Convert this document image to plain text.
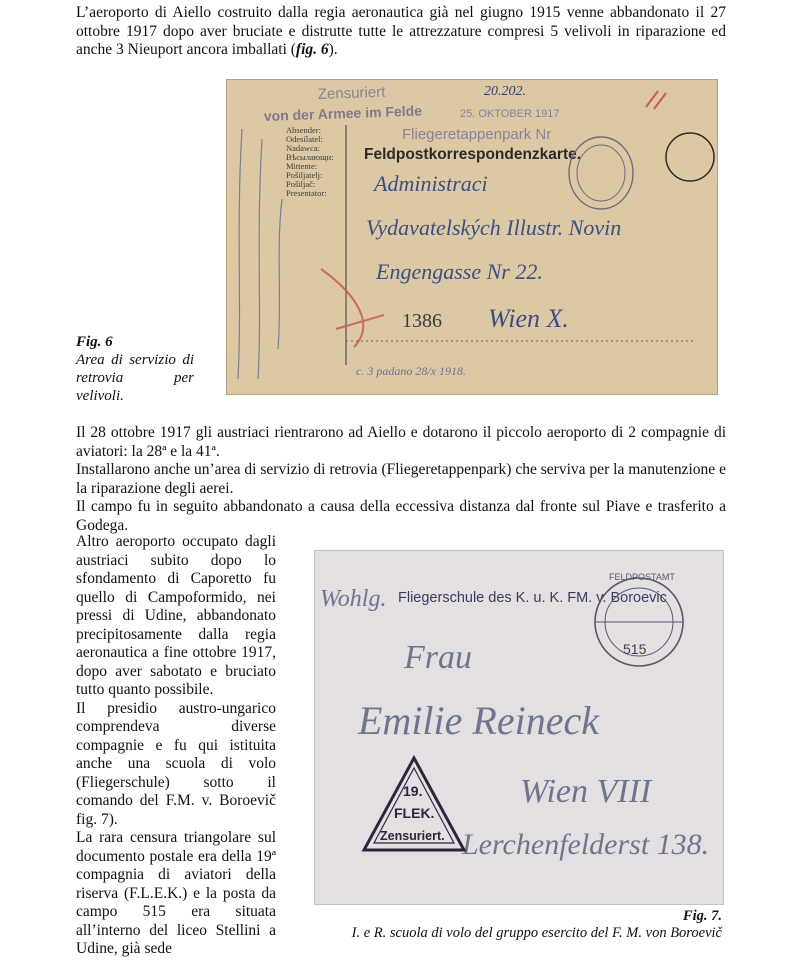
L’aeroporto di Aiello costruito dalla regia aeronautica già nel giugno 1915 venne abbandonato il 27 ottobre 1917 dopo aver bruciate e distrutte tutte le attrezzature compresi 5 velivoli in riparazione ed anche 3 Nieuport ancora imballati (fig. 6).
Fig. 6
Area di servizio di retrovia per velivoli.
Zensuriert
von der Armee im Felde	25. OKTOBER 1917
20.202.
Fliegeretappenpark Nr
Feldpostkorrespondenzkarte.
Absender:
Odesílatel:
Nadawca:
Вѣсылающи:
Mittente:
Pošiljatelj:
Pošiljač:
Presentator: Administraci
Vydavatelských Illustr. Novin
Engengasse Nr 22.
Wien X.
1386
c. 3 padano 28/x 1918.

Il 28 ottobre 1917 gli austriaci rientrarono ad Aiello e dotarono il piccolo aeroporto di 2 compagnie di aviatori: la 28ª e la 41ª.

Installarono anche un’area di servizio di retrovia (Fliegeretappenpark) che serviva per la manutenzione e la riparazione degli aerei.

Il campo fu in seguito abbandonato a causa della eccessiva distanza dal fronte sul Piave e trasferito a Godega.

Altro aeroporto occupato dagli austriaci subito dopo lo sfondamento di Caporetto fu quello di Campoformido, nei pressi di Udine, abbandonato precipitosamente dalla regia aeronautica a fine ottobre 1917, dopo aver sabotato e bruciato tutto quanto possibile.

Il presidio austro-ungarico comprendeva diverse compagnie e fu qui istituita anche una scuola di volo (Fliegerschule) sotto il comando del F.M. v. Boroevič fig. 7).

La rara censura triangolare sul documento postale era della 19ª compagnia di aviatori della riserva (F.L.E.K.) e la posta da campo 515 era situata all’interno del liceo Stellini a Udine, già sede

Wohlg. Fliegerschule des K. u. K. FM. v. Boroevic
FELDPOSTAMT
515
Frau
Emilie Reineck
Wien VIII
Lerchenfelderst 138.
19.
FLEK.
Zensuriert.
Fig. 7.
I. e R. scuola di volo del gruppo esercito del F. M. von Boroevič
